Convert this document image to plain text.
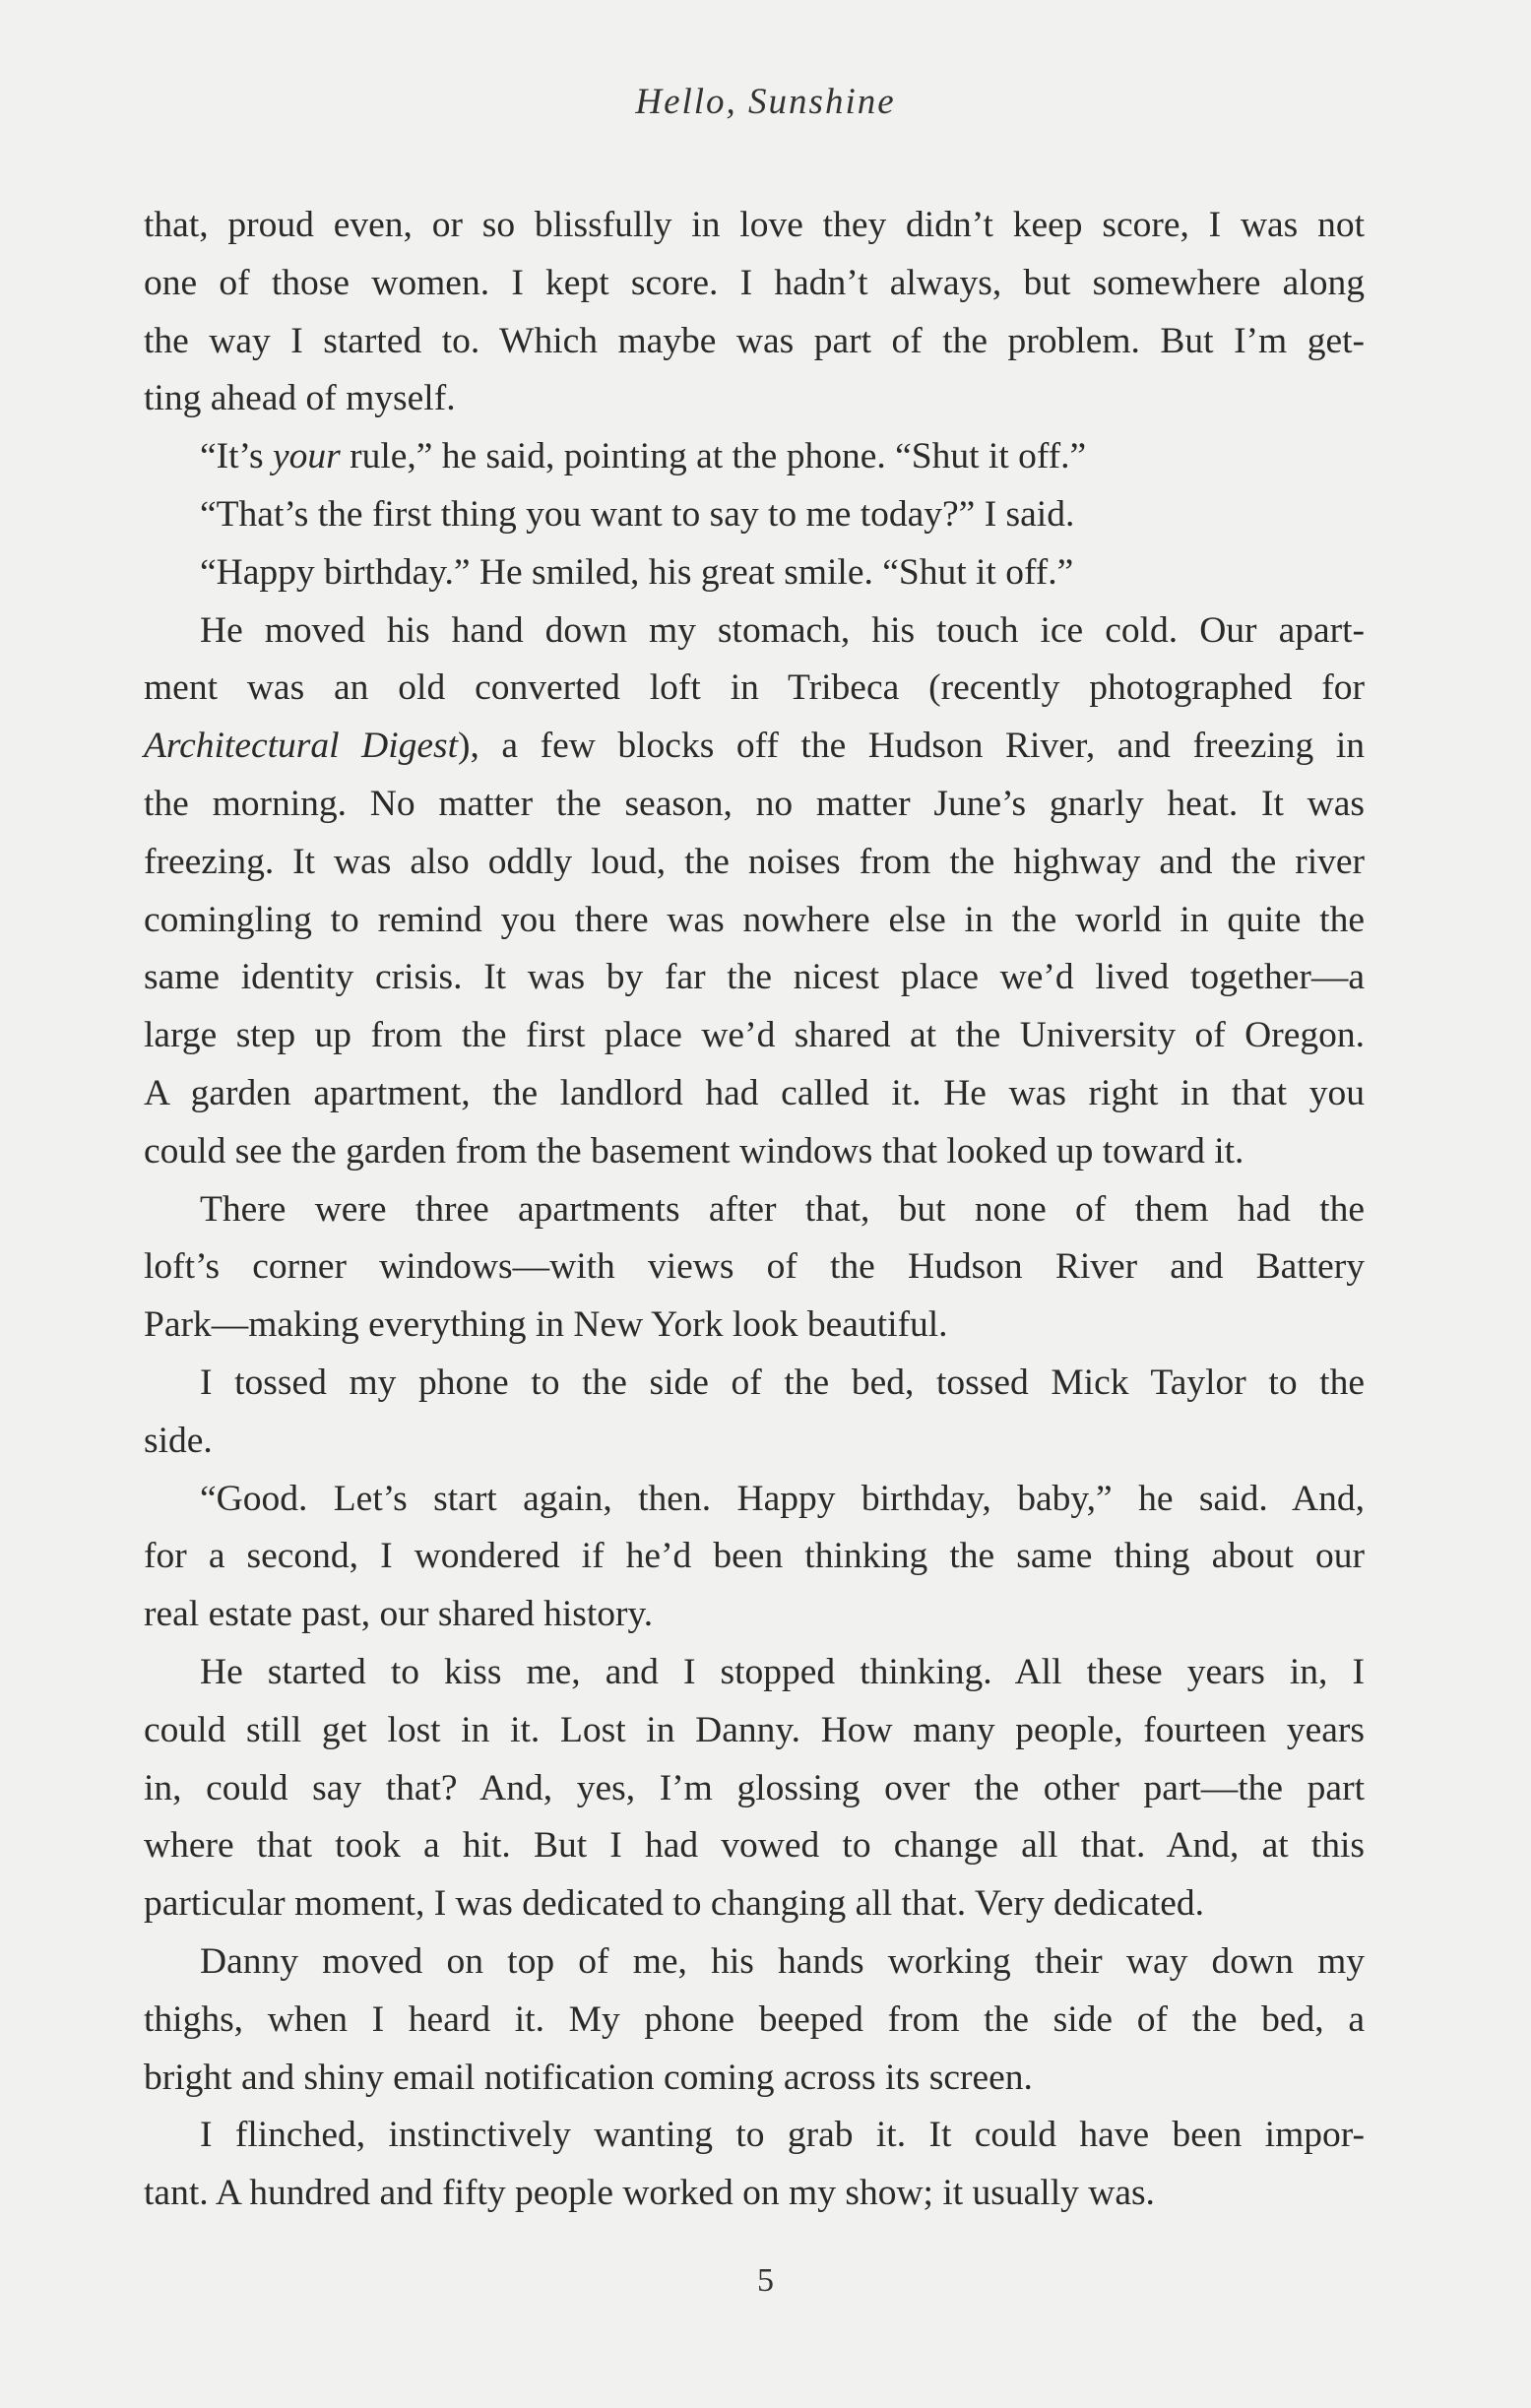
Hello, Sunshine
that, proud even, or so blissfully in love they didn’t keep score, I was not
one of those women. I kept score. I hadn’t always, but somewhere along
the way I started to. Which maybe was part of the problem. But I’m get-
ting ahead of myself.
“It’s your rule,” he said, pointing at the phone. “Shut it off.”
“That’s the first thing you want to say to me today?” I said.
“Happy birthday.” He smiled, his great smile. “Shut it off.”
He moved his hand down my stomach, his touch ice cold. Our apart-
ment was an old converted loft in Tribeca (recently photographed for
Architectural Digest), a few blocks off the Hudson River, and freezing in
the morning. No matter the season, no matter June’s gnarly heat. It was
freezing. It was also oddly loud, the noises from the highway and the river
comingling to remind you there was nowhere else in the world in quite the
same identity crisis. It was by far the nicest place we’d lived together—a
large step up from the first place we’d shared at the University of Oregon.
A garden apartment, the landlord had called it. He was right in that you
could see the garden from the basement windows that looked up toward it.
There were three apartments after that, but none of them had the
loft’s corner windows—with views of the Hudson River and Battery
Park—making everything in New York look beautiful.
I tossed my phone to the side of the bed, tossed Mick Taylor to the
side.
“Good. Let’s start again, then. Happy birthday, baby,” he said. And,
for a second, I wondered if he’d been thinking the same thing about our
real estate past, our shared history.
He started to kiss me, and I stopped thinking. All these years in, I
could still get lost in it. Lost in Danny. How many people, fourteen years
in, could say that? And, yes, I’m glossing over the other part—the part
where that took a hit. But I had vowed to change all that. And, at this
particular moment, I was dedicated to changing all that. Very dedicated.
Danny moved on top of me, his hands working their way down my
thighs, when I heard it. My phone beeped from the side of the bed, a
bright and shiny email notification coming across its screen.
I flinched, instinctively wanting to grab it. It could have been impor-
tant. A hundred and fifty people worked on my show; it usually was.
5
